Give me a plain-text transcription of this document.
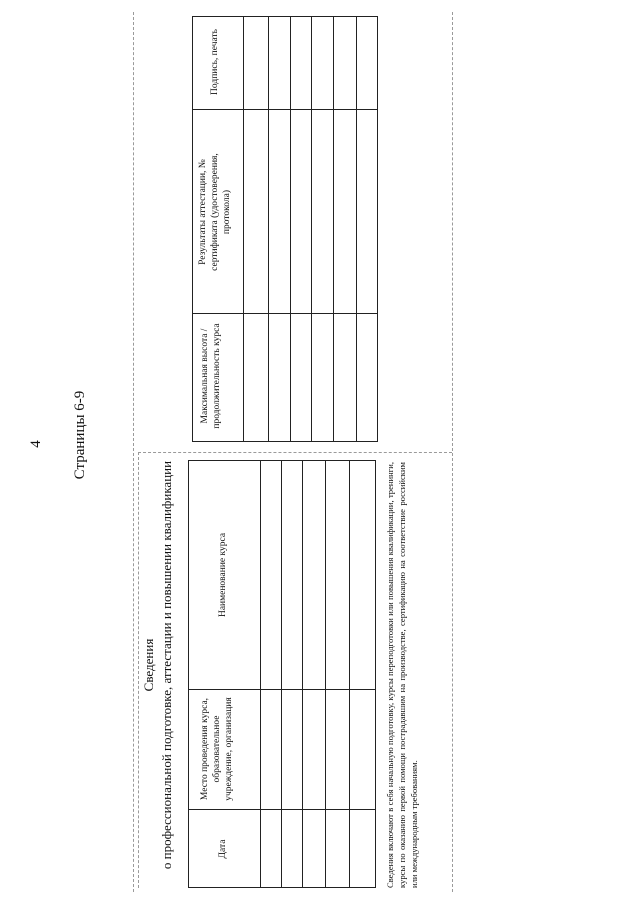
4 Страницы 6-9
Сведения о профессиональной подготовке, аттестации и повышении квалификации	Дата
Место проведения курса, образовательное учреждение, организация
Наименование курса
Максимальная высота / продолжительность курса
Результаты аттестации, № сертификата (удостоверения, протокола)
Подпись, печать
Сведения включают в себя начальную подготовку, курсы переподготовки или повышения квалификации, тренинги, курсы по оказанию первой помощи пострадавшим на производстве, сертификацию на соответствие российским или международным требованиям.
